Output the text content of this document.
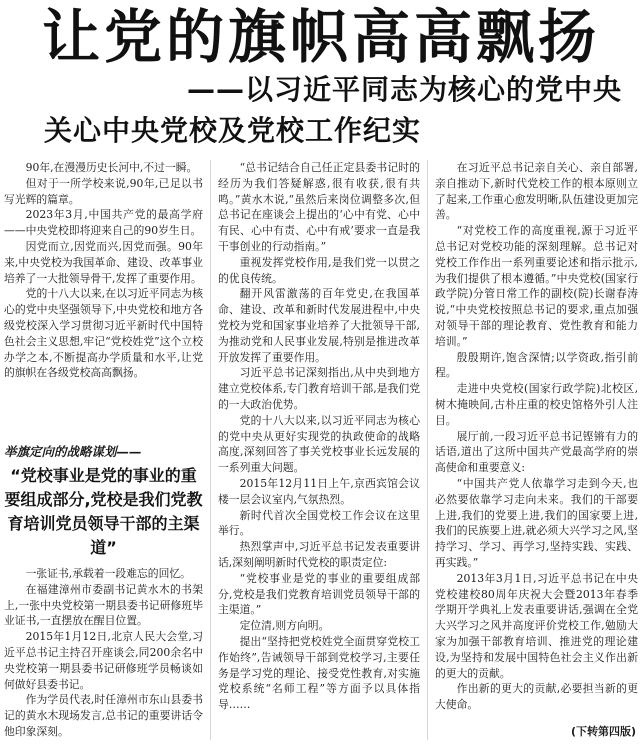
让党的旗帜高高飘扬
——以习近平同志为核心的党中央
关心中央党校及党校工作纪实

90年,在漫漫历史长河中,不过一瞬。

但对于一所学校来说,90年,已足以书写光辉的篇章。

2023年3月,中国共产党的最高学府——中央党校即将迎来自己的90岁生日。

因党而立,因党而兴,因党而强。90年来,中央党校为我国革命、建设、改革事业培养了一大批领导骨干,发挥了重要作用。

党的十八大以来,在以习近平同志为核心的党中央坚强领导下,中央党校和地方各级党校深入学习贯彻习近平新时代中国特色社会主义思想,牢记“党校姓党”这个立校办学之本,不断提高办学质量和水平,让党的旗帜在各级党校高高飘扬。

举旗定向的战略谋划——
“党校事业是党的事业的重要组成部分,党校是我们党教育培训党员领导干部的主渠道”

一张证书,承载着一段难忘的回忆。

在福建漳州市委副书记黄水木的书架上,一张中央党校第一期县委书记研修班毕业证书,一直摆放在醒目位置。

2015年1月12日,北京人民大会堂,习近平总书记主持召开座谈会,同200余名中央党校第一期县委书记研修班学员畅谈如何做好县委书记。

作为学员代表,时任漳州市东山县委书记的黄水木现场发言,总书记的重要讲话令他印象深刻。

“总书记结合自己任正定县委书记时的经历为我们答疑解惑,很有收获,很有共鸣。”黄水木说,“虽然后来岗位调整多次,但总书记在座谈会上提出的‘心中有党、心中有民、心中有责、心中有戒’要求一直是我干事创业的行动指南。”

重视发挥党校作用,是我们党一以贯之的优良传统。

翻开风雷激荡的百年党史,在我国革命、建设、改革和新时代发展进程中,中央党校为党和国家事业培养了大批领导干部,为推动党和人民事业发展,特别是推进改革开放发挥了重要作用。

习近平总书记深刻指出,从中央到地方建立党校体系,专门教育培训干部,是我们党的一大政治优势。

党的十八大以来,以习近平同志为核心的党中央从更好实现党的执政使命的战略高度,深刻回答了事关党校事业长远发展的一系列重大问题。

2015年12月11日上午,京西宾馆会议楼一层会议室内,气氛热烈。

新时代首次全国党校工作会议在这里举行。

热烈掌声中,习近平总书记发表重要讲话,深刻阐明新时代党校的职责定位:

“党校事业是党的事业的重要组成部分,党校是我们党教育培训党员领导干部的主渠道。”

定位清,则方向明。

提出“坚持把党校姓党全面贯穿党校工作始终”,告诫领导干部到党校学习,主要任务是学习党的理论、接受党性教育,对实施党校系统“名师工程”等方面予以具体指导……

在习近平总书记亲自关心、亲自部署,亲自推动下,新时代党校工作的根本原则立了起来,工作重心愈发明晰,队伍建设更加完善。

“对党校工作的高度重视,源于习近平总书记对党校功能的深刻理解。总书记对党校工作作出一系列重要论述和指示批示,为我们提供了根本遵循。”中央党校(国家行政学院)分管日常工作的副校(院)长谢春涛说,“中央党校按照总书记的要求,重点加强对领导干部的理论教育、党性教育和能力培训。”

殷殷期许,饱含深情;以学资政,指引前程。

走进中央党校(国家行政学院)北校区,树木掩映间,古朴庄重的校史馆格外引人注目。

展厅前,一段习近平总书记铿锵有力的话语,道出了这所中国共产党最高学府的崇高使命和重要意义:

“中国共产党人依靠学习走到今天,也必然要依靠学习走向未来。我们的干部要上进,我们的党要上进,我们的国家要上进,我们的民族要上进,就必须大兴学习之风,坚持学习、学习、再学习,坚持实践、实践、再实践。”

2013年3月1日,习近平总书记在中央党校建校80周年庆祝大会暨2013年春季学期开学典礼上发表重要讲话,强调在全党大兴学习之风并高度评价党校工作,勉励大家为加强干部教育培训、推进党的理论建设,为坚持和发展中国特色社会主义作出新的更大的贡献。

作出新的更大的贡献,必要担当新的更大使命。

(下转第四版)
